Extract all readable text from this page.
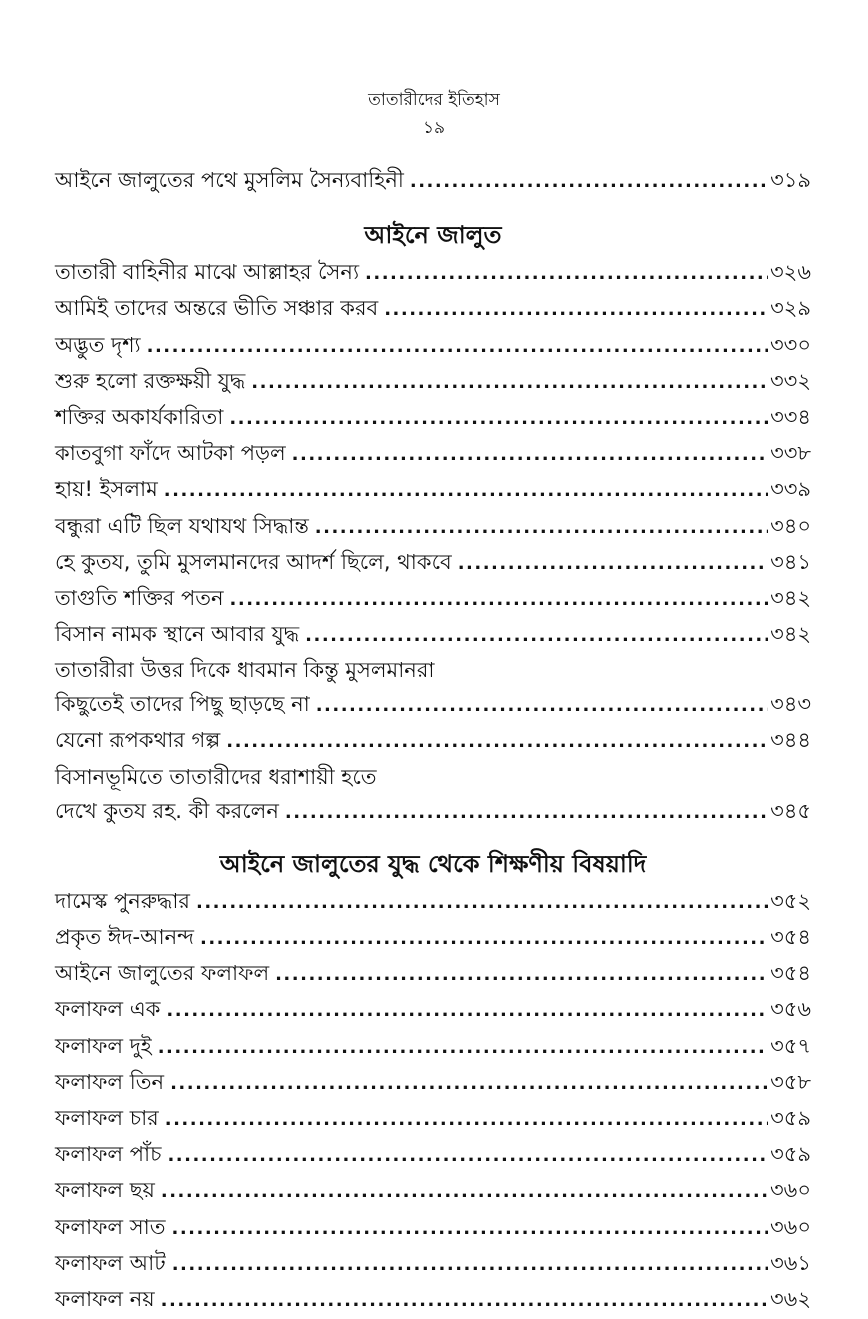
তাতারীদের ইতিহাস
১৯
আইনে জালুতের পথে মুসলিম সৈন্যবাহিনী .....	৩১৯
আইনে জালুত
তাতারী বাহিনীর মাঝে আল্লাহর সৈন্য .....	৩২৬
আমিই তাদের অন্তরে ভীতি সঞ্চার করব .....	৩২৯
অদ্ভুত দৃশ্য .....	৩৩০
শুরু হলো রক্তক্ষয়ী যুদ্ধ .....	৩৩২
শক্তির অকার্যকারিতা .....	৩৩৪
কাতবুগা ফাঁদে আটকা পড়ল .....	৩৩৮
হায়! ইসলাম .....	৩৩৯
বন্ধুরা এটি ছিল যথাযথ সিদ্ধান্ত .....	৩৪০
হে কুতয, তুমি মুসলমানদের আদর্শ ছিলে, থাকবে .....	৩৪১
তাগুতি শক্তির পতন .....	৩৪২
বিসান নামক স্থানে আবার যুদ্ধ .....	৩৪২
তাতারীরা উত্তর দিকে ধাবমান কিন্তু মুসলমানরা
কিছুতেই তাদের পিছু ছাড়ছে না .....	৩৪৩
যেনো রূপকথার গল্প .....	৩৪৪
বিসানভূমিতে তাতারীদের ধরাশায়ী হতে
দেখে কুতয রহ. কী করলেন .....	৩৪৫
আইনে জালুতের যুদ্ধ থেকে শিক্ষণীয় বিষয়াদি
দামেস্ক পুনরুদ্ধার .....	৩৫২
প্রকৃত ঈদ-আনন্দ .....	৩৫৪
আইনে জালুতের ফলাফল .....	৩৫৪
ফলাফল এক .....	৩৫৬
ফলাফল দুই .....	৩৫৭
ফলাফল তিন .....	৩৫৮
ফলাফল চার .....	৩৫৯
ফলাফল পাঁচ .....	৩৫৯
ফলাফল ছয় .....	৩৬০
ফলাফল সাত .....	৩৬০
ফলাফল আট .....	৩৬১
ফলাফল নয় .....	৩৬২
